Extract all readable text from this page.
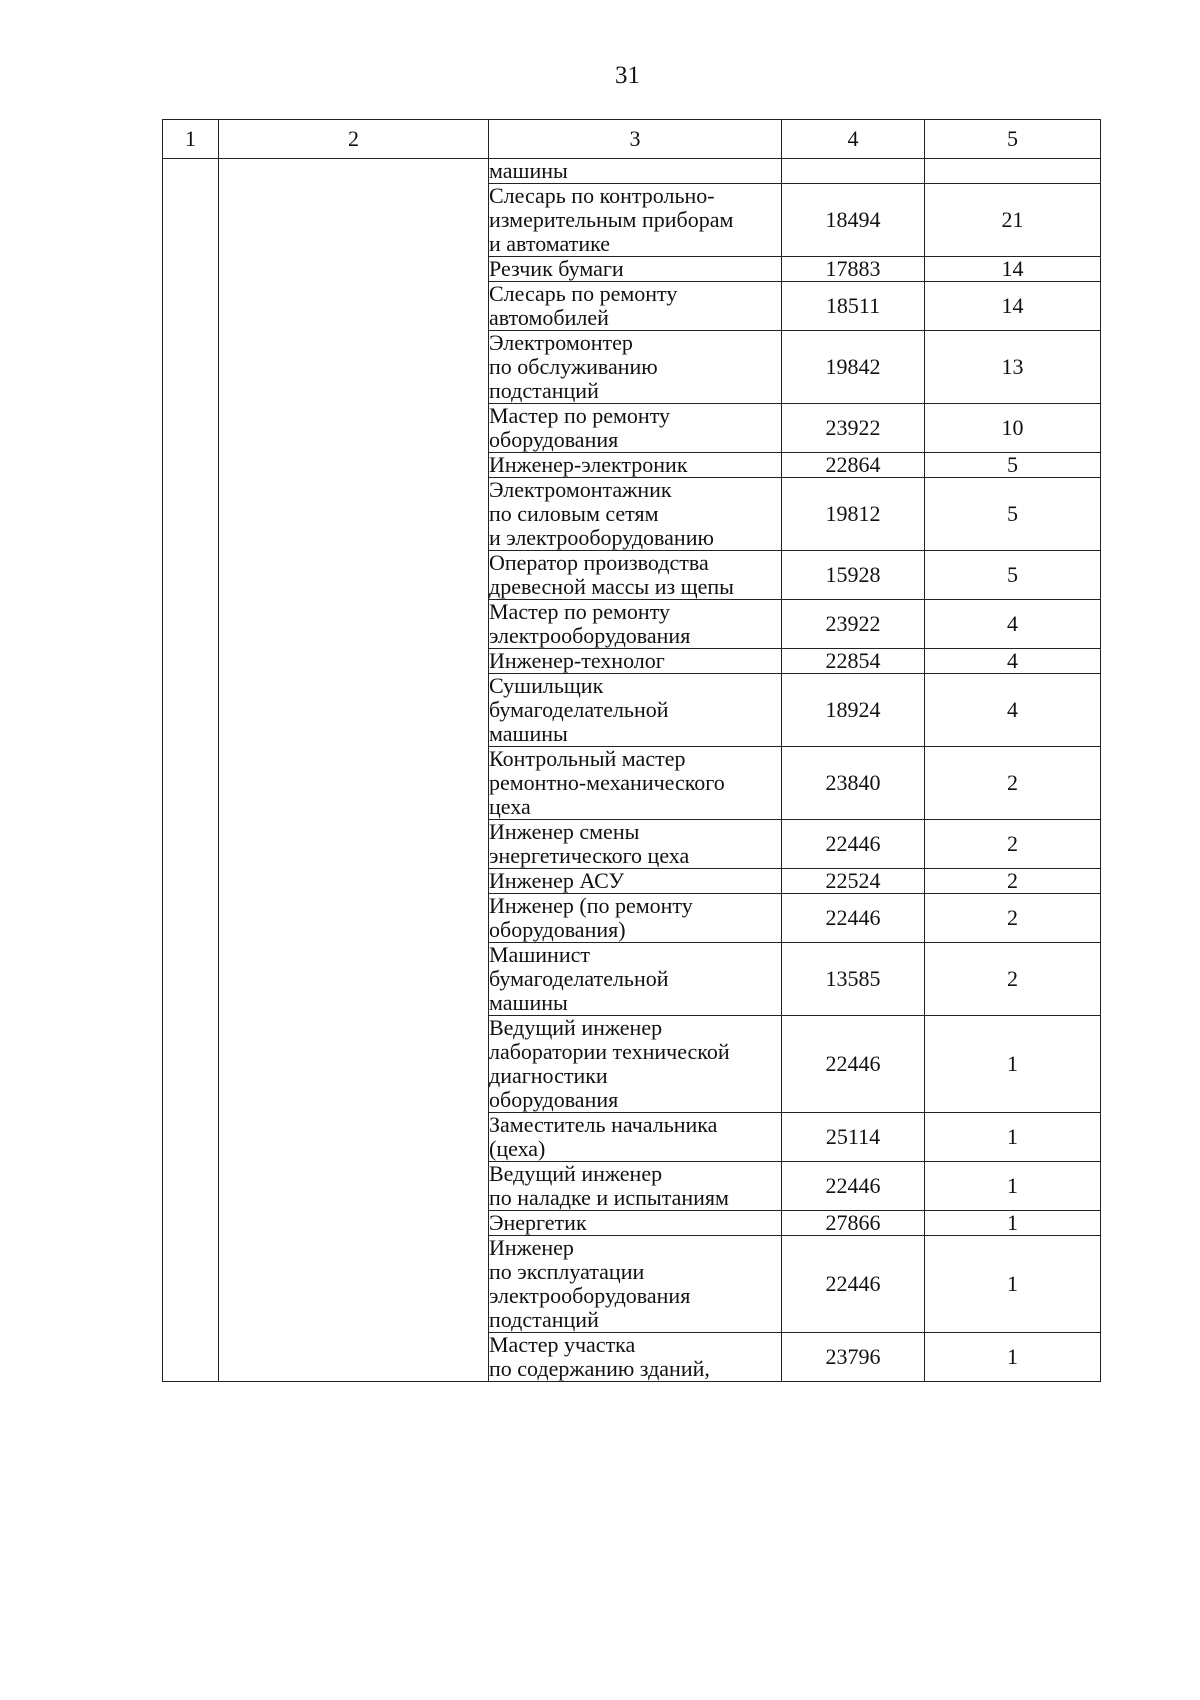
31
1	2	3	4	5

		машины		

		Слесарь по контрольно-
измерительным приборам
и автоматике	18494	21

		Резчик бумаги	17883	14

		Слесарь по ремонту
автомобилей	18511	14

		Электромонтер
по обслуживанию
подстанций	19842	13

		Мастер по ремонту
оборудования	23922	10

		Инженер-электроник	22864	5

		Электромонтажник
по силовым сетям
и электрооборудованию	19812	5

		Оператор производства
древесной массы из щепы	15928	5

		Мастер по ремонту
электрооборудования	23922	4

		Инженер-технолог	22854	4

		Сушильщик
бумагоделательной
машины	18924	4

		Контрольный мастер
ремонтно-механического
цеха	23840	2

		Инженер смены
энергетического цеха	22446	2

		Инженер АСУ	22524	2

		Инженер (по ремонту
оборудования)	22446	2

		Машинист
бумагоделательной
машины	13585	2

		Ведущий инженер
лаборатории технической
диагностики
оборудования	22446	1

		Заместитель начальника
(цеха)	25114	1

		Ведущий инженер
по наладке и испытаниям	22446	1

		Энергетик	27866	1

		Инженер
по эксплуатации
электрооборудования
подстанций	22446	1

		Мастер участка
по содержанию зданий,	23796	1
